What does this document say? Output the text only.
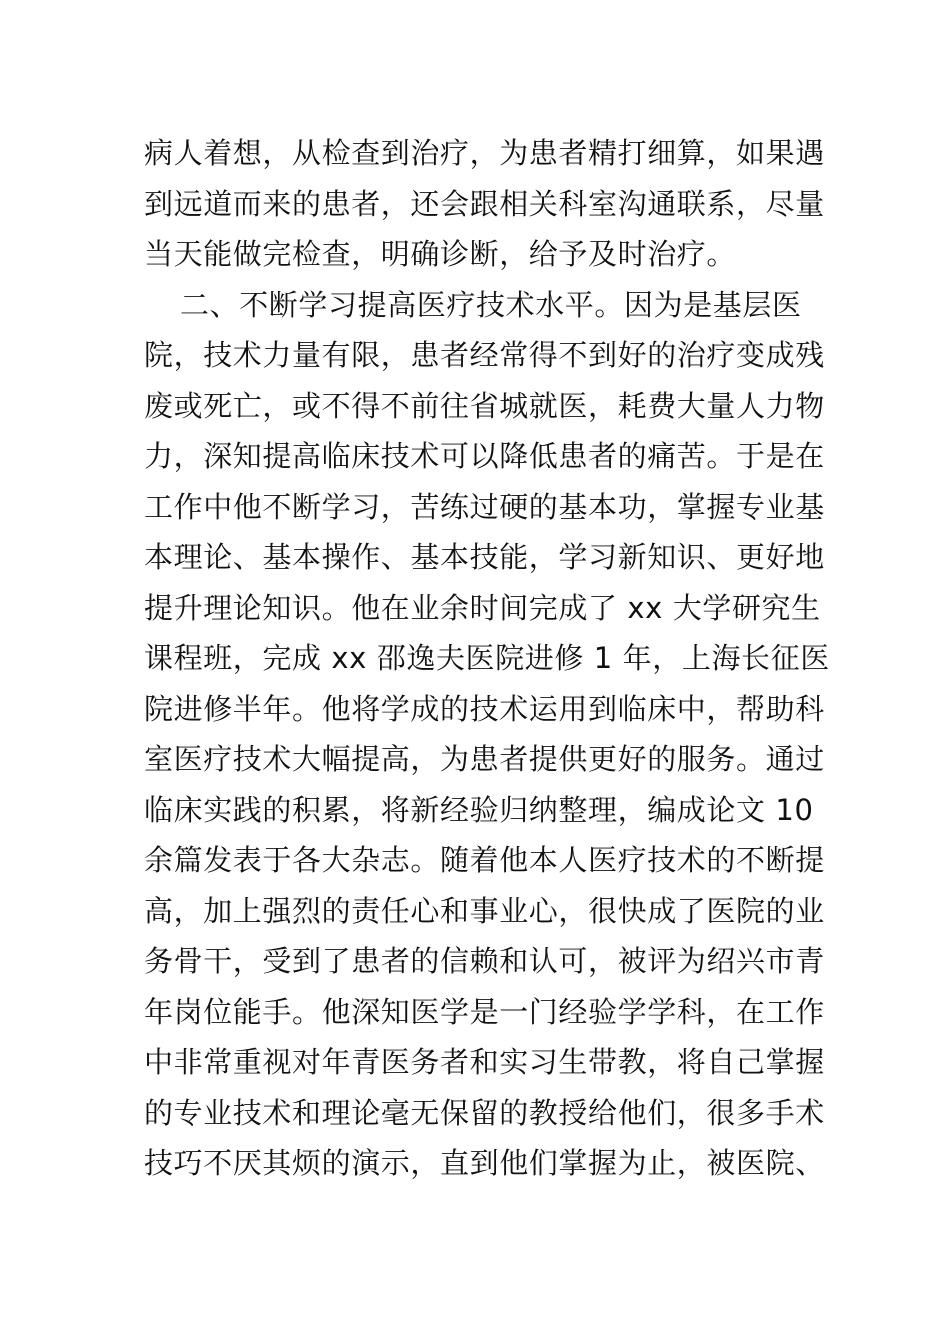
病人着想，从检查到治疗，为患者精打细算，如果遇
到远道而来的患者，还会跟相关科室沟通联系，尽量
当天能做完检查，明确诊断，给予及时治疗。
二、不断学习提高医疗技术水平。因为是基层医
院，技术力量有限，患者经常得不到好的治疗变成残
废或死亡，或不得不前往省城就医，耗费大量人力物
力，深知提高临床技术可以降低患者的痛苦。于是在
工作中他不断学习，苦练过硬的基本功，掌握专业基
本理论、基本操作、基本技能，学习新知识、更好地
提升理论知识。他在业余时间完成了 xx 大学研究生
课程班，完成 xx 邵逸夫医院进修 1 年，上海长征医
院进修半年。他将学成的技术运用到临床中，帮助科
室医疗技术大幅提高，为患者提供更好的服务。通过
临床实践的积累，将新经验归纳整理，编成论文 10
余篇发表于各大杂志。随着他本人医疗技术的不断提
高，加上强烈的责任心和事业心，很快成了医院的业
务骨干，受到了患者的信赖和认可，被评为绍兴市青
年岗位能手。他深知医学是一门经验学学科，在工作
中非常重视对年青医务者和实习生带教，将自己掌握
的专业技术和理论毫无保留的教授给他们，很多手术
技巧不厌其烦的演示，直到他们掌握为止，被医院、
